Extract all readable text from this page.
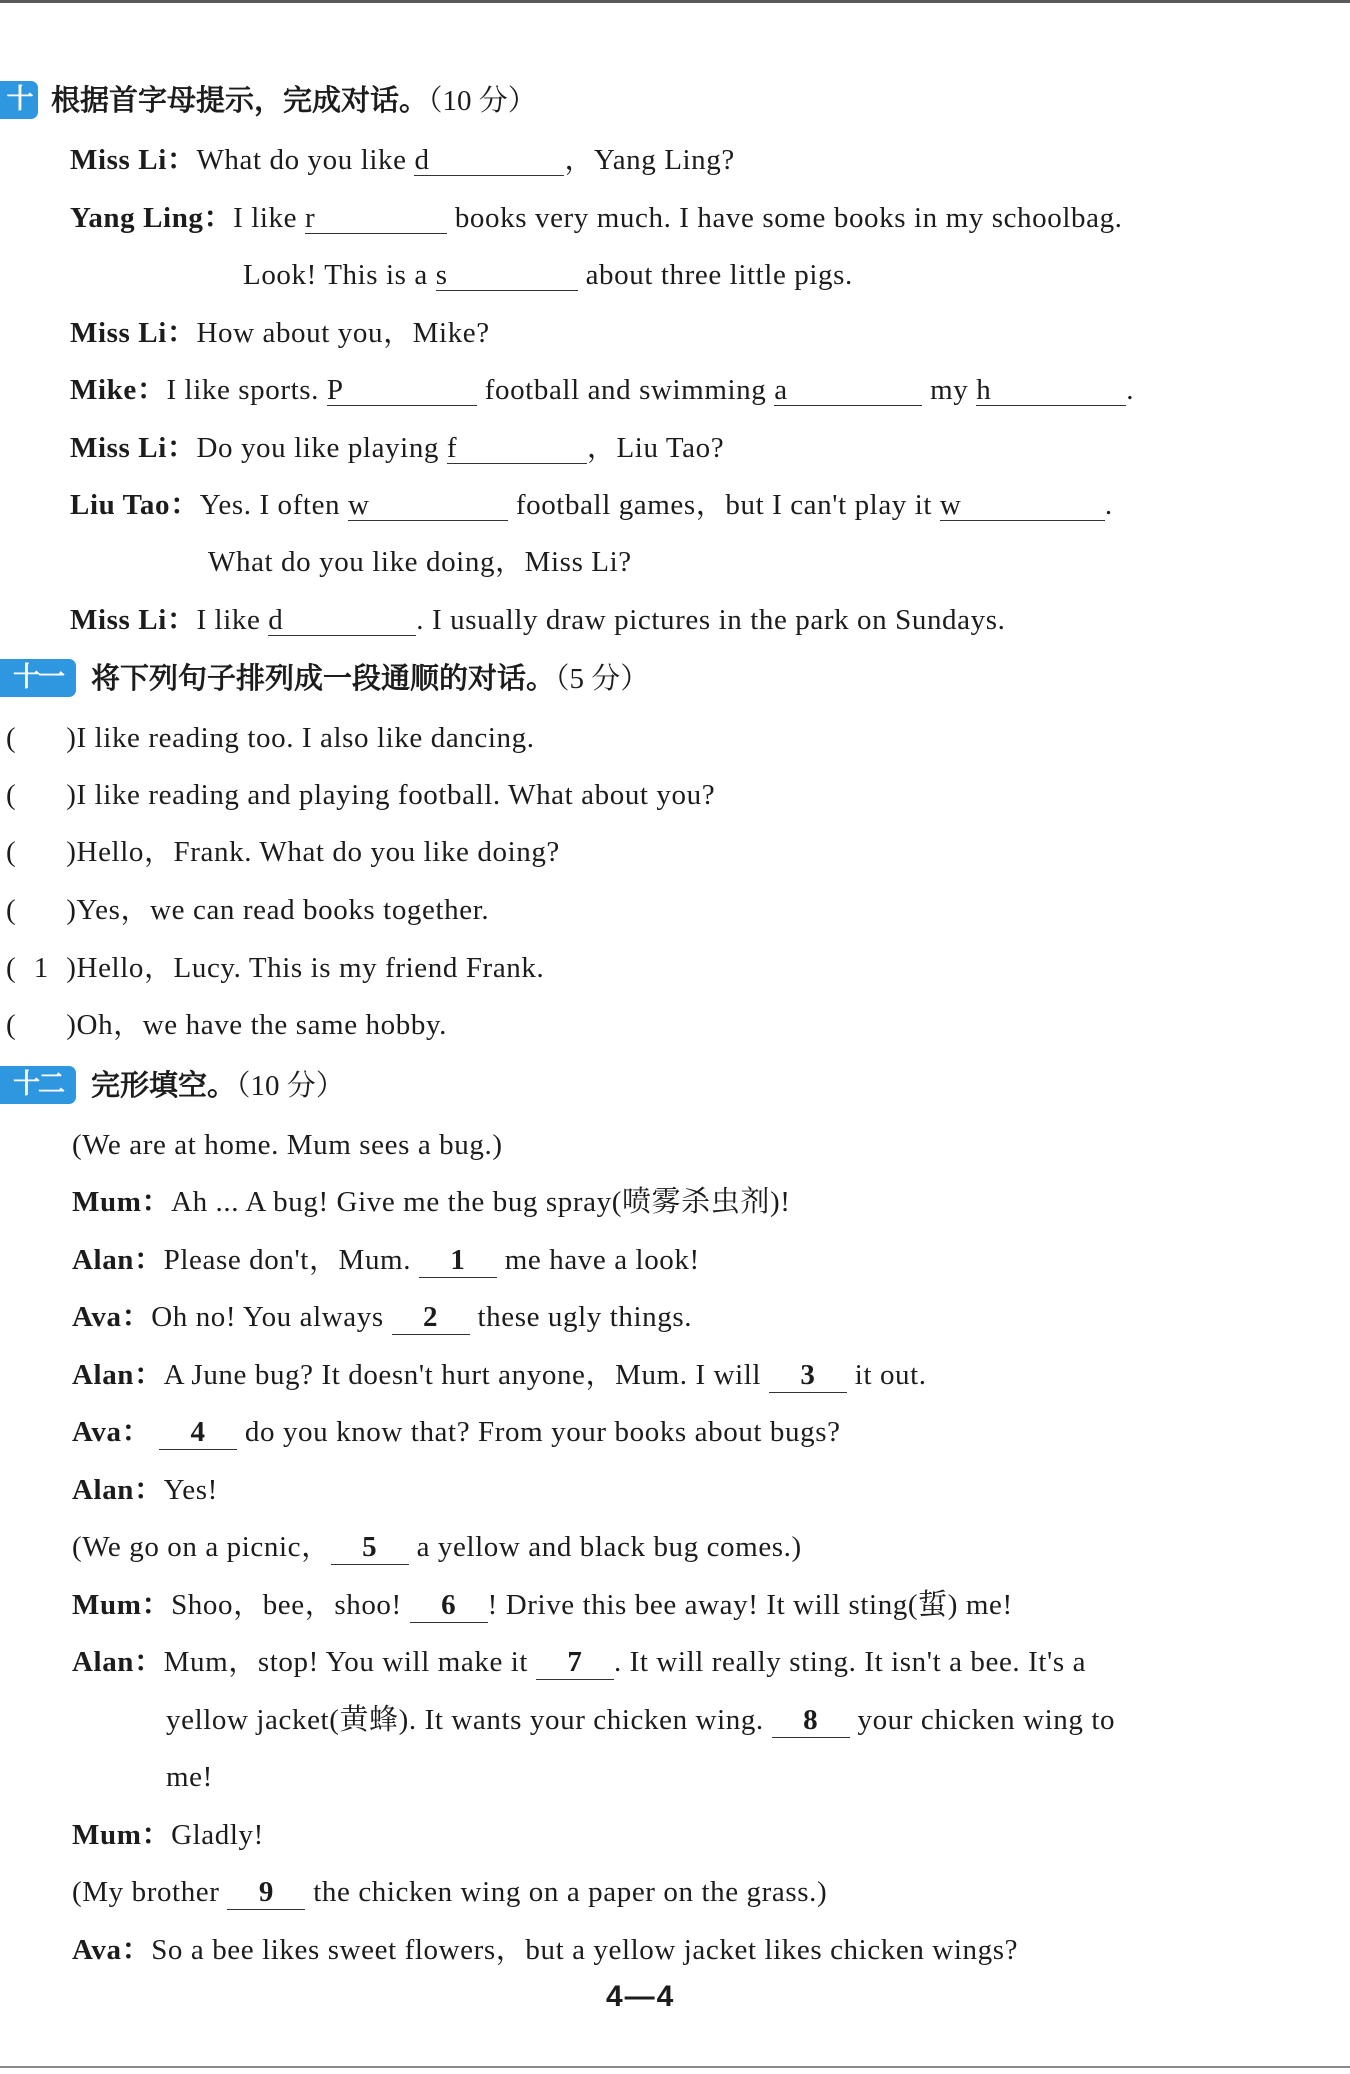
十 根据首字母提示，完成对话。（10 分）
Miss Li：What do you like d	，Yang Ling?
Yang Ling：I like r	books very much. I have some books in my schoolbag.
Look! This is a s	about three little pigs.
Miss Li：How about you，Mike?
Mike：I like sports. P	football and swimming a	my h	.
Miss Li：Do you like playing f	，Liu Tao?
Liu Tao：Yes. I often w	football games，but I can't play it w	.
What do you like doing，Miss Li?
Miss Li：I like d	. I usually draw pictures in the park on Sundays.
十一 将下列句子排列成一段通顺的对话。（5 分）
( )I like reading too. I also like dancing.
( )I like reading and playing football. What about you?
( )Hello，Frank. What do you like doing?
( )Yes，we can read books together.
( 1 )Hello，Lucy. This is my friend Frank.
( )Oh，we have the same hobby.
十二 完形填空。（10 分）
(We are at home. Mum sees a bug.)
Mum：Ah ... A bug! Give me the bug spray(喷雾杀虫剂)!
Alan：Please don't，Mum. 1 me have a look!
Ava：Oh no! You always 2 these ugly things.
Alan：A June bug? It doesn't hurt anyone，Mum. I will 3 it out.
Ava： 4 do you know that? From your books about bugs?
Alan：Yes!
(We go on a picnic， 5 a yellow and black bug comes.)
Mum：Shoo，bee，shoo! 6 ! Drive this bee away! It will sting(蜇) me!
Alan：Mum，stop! You will make it 7 . It will really sting. It isn't a bee. It's a
yellow jacket(黄蜂). It wants your chicken wing. 8 your chicken wing to
me!
Mum：Gladly!
(My brother 9 the chicken wing on a paper on the grass.)
Ava：So a bee likes sweet flowers，but a yellow jacket likes chicken wings?
4—4
